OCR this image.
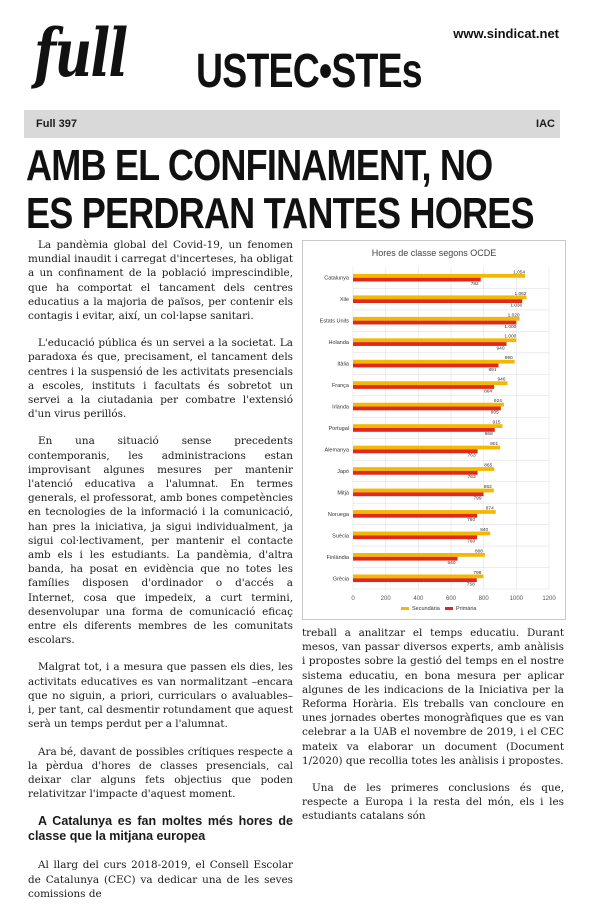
full USTEC•STEs
www.sindicat.net
Full 397	IAC
AMB EL CONFINAMENT, NO
ES PERDRAN TANTES HORES

La pandèmia global del Covid-19, un fenomen mundial inaudit i carregat d'incerteses, ha obligat a un confinament de la població imprescindible, que ha comportat el tancament dels centres educatius a la majoria de països, per contenir els contagis i evitar, així, un col·lapse sanitari.

L'educació pública és un servei a la societat. La paradoxa és que, precisament, el tancament dels centres i la suspensió de les activitats presencials a escoles, instituts i facultats és sobretot un servei a la ciutadania per combatre l'extensió d'un virus perillós.

En una situació sense precedents contemporanis, les administracions estan improvisant algunes mesures per mantenir l'atenció educativa a l'alumnat. En termes generals, el professorat, amb bones competències en tecnologies de la informació i la comunicació, han pres la iniciativa, ja sigui individualment, ja sigui col·lectivament, per mantenir el contacte amb els i les estudiants. La pandèmia, d'altra banda, ha posat en evidència que no totes les famílies disposen d'ordinador o d'accés a Internet, cosa que impedeix, a curt termini, desenvolupar una forma de comunicació eficaç entre els diferents membres de les comunitats escolars.

Malgrat tot, i a mesura que passen els dies, les activitats educatives es van normalitzant –encara que no siguin, a priori, curriculars o avaluables– i, per tant, cal desmentir rotundament que aquest serà un temps perdut per a l'alumnat.

Ara bé, davant de possibles crítiques respecte a la pèrdua d'hores de classes presencials, cal deixar clar alguns fets objectius que poden relativitzar l'impacte d'aquest moment.

A Catalunya es fan moltes més hores de classe que la mitjana europea

Al llarg del curs 2018-2019, el Consell Escolar de Catalunya (CEC) va dedicar una de les seves comissions de

Hores de classe segons OCDE
0	200	400	600	800	1000	1200
Catalunya
1.054
782
Xile
1.062
1.036
Estats Units
1.020
1.000
Holanda
1.000
940
Itàlia
990
891
França
946
864
Irlanda
924
905
Portugal
915
868
Alemanya
901
763
Japó
865
763
Mitjà
862
799
Noruega
874
760
Suècia
840
760
Finlàndia
808
640
Grècia
798
758
Secundària	Primària

treball a analitzar el temps educatiu. Durant mesos, van passar diversos experts, amb anàlisis i propostes sobre la gestió del temps en el nostre sistema educatiu, en bona mesura per aplicar algunes de les indicacions de la Iniciativa per la Reforma Horària. Els treballs van concloure en unes jornades obertes monogràfiques que es van celebrar a la UAB el novembre de 2019, i el CEC mateix va elaborar un document (Document 1/2020) que recollia totes les anàlisis i propostes.

Una de les primeres conclusions és que, respecte a Europa i la resta del món, els i les estudiants catalans són
